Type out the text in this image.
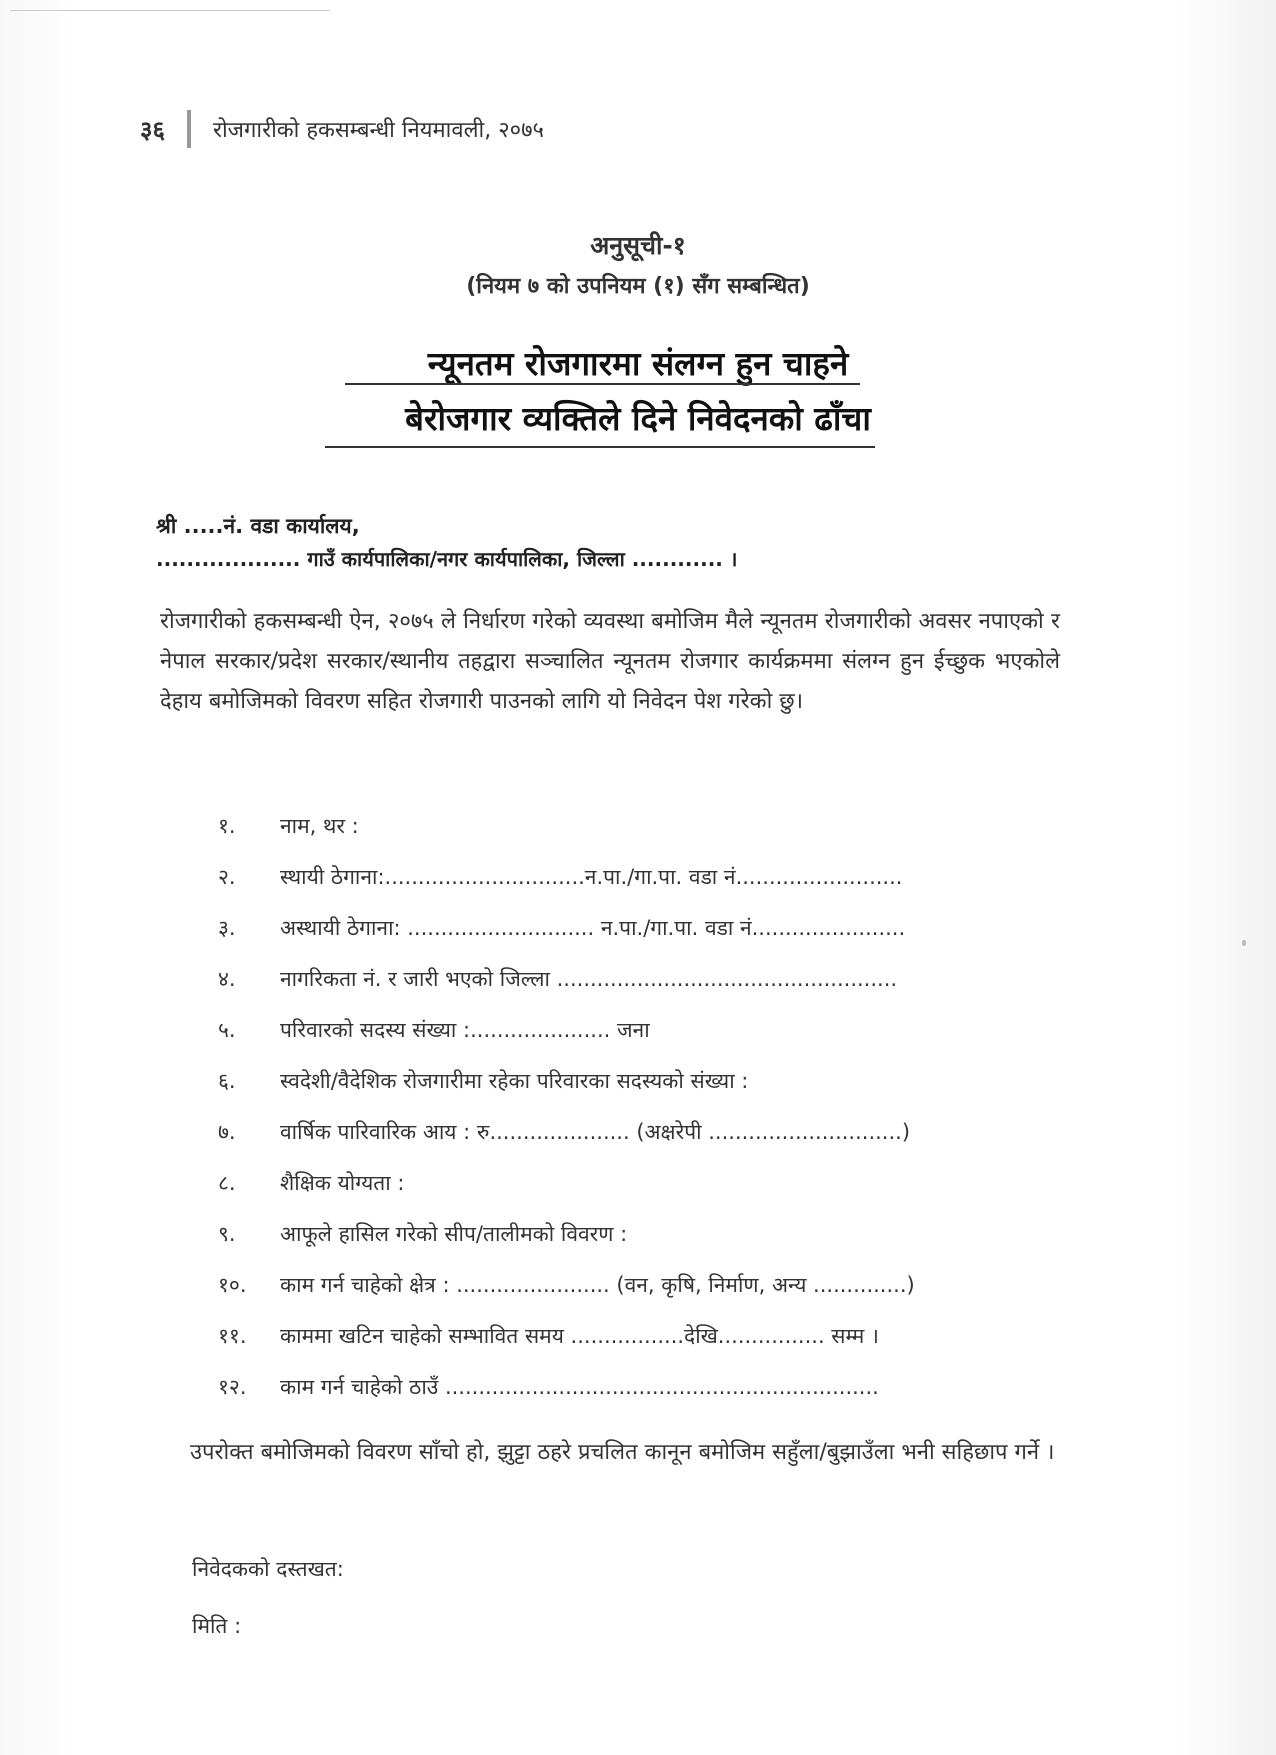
३६ रोजगारीको हकसम्बन्धी नियमावली, २०७५
अनुसूची-१
(नियम ७ को उपनियम (१) सँग सम्बन्धित)
न्यूनतम रोजगारमा संलग्न हुन चाहने
बेरोजगार व्यक्तिले दिने निवेदनको ढाँचा
श्री .....नं. वडा कार्यालय,
................... गाउँ कार्यपालिका/नगर कार्यपालिका, जिल्ला ............ ।
रोजगारीको हकसम्बन्धी ऐन, २०७५ ले निर्धारण गरेको व्यवस्था बमोजिम मैले न्यूनतम रोजगारीको अवसर नपाएको र नेपाल सरकार/प्रदेश सरकार/स्थानीय तहद्वारा सञ्चालित न्यूनतम रोजगार कार्यक्रममा संलग्न हुन ईच्छुक भएकोले देहाय बमोजिमको विवरण सहित रोजगारी पाउनको लागि यो निवेदन पेश गरेको छु।
१.	नाम, थर :
२.	स्थायी ठेगाना:..............................न.पा./गा.पा. वडा नं.........................
३.	अस्थायी ठेगाना: ............................ न.पा./गा.पा. वडा नं.......................
४.	नागरिकता नं. र जारी भएको जिल्ला ...................................................
५.	परिवारको सदस्य संख्या :..................... जना
६.	स्वदेशी/वैदेशिक रोजगारीमा रहेका परिवारका सदस्यको संख्या :
७.	वार्षिक पारिवारिक आय : रु..................... (अक्षरेपी .............................)
८.	शैक्षिक योग्यता :
९.	आफूले हासिल गरेको सीप/तालीमको विवरण :
१०.	काम गर्न चाहेको क्षेत्र : ....................... (वन, कृषि, निर्माण, अन्य ..............)
११.	काममा खटिन चाहेको सम्भावित समय .................देखि................ सम्म ।
१२.	काम गर्न चाहेको ठाउँ .................................................................
उपरोक्त बमोजिमको विवरण साँचो हो, झुट्टा ठहरे प्रचलित कानून बमोजिम सहुँला/बुझाउँला भनी सहिछाप गर्ने ।
निवेदकको दस्तखत:
मिति :
